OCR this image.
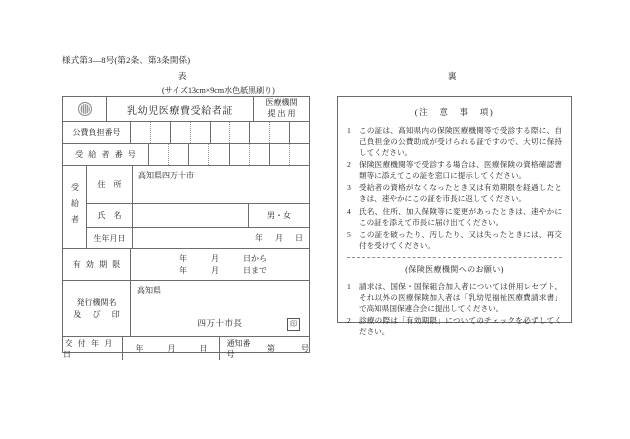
様式第3―8号(第2条、第3条関係)
表	裏
(サイズ13cm×9cm水色紙黒刷り)
乳幼児医療費受給者証
医療機関
提 出 用
公費負担番号
受 給 者 番 号
受給者	住　所
高知県四万十市
氏　名	男・女
生年月日	年 月 日
有 効 期 限
年	月	日から
年	月	日まで
発行機関名
及　び　印
高知県
四万十市長	印
交 付 年 月 日
年	月	日
通知番号
第	号
(注　意　事　項)
1 この証は、高知県内の保険医療機関等で受診する際に、自己負担金の公費助成が受けられる証ですので、大切に保持してください。
2 保険医療機関等で受診する場合は、医療保険の資格確認書類等に添えてこの証を窓口に提示してください。
3 受給者の資格がなくなったとき又は有効期限を経過したときは、速やかにこの証を市長に返してください。
4 氏名、住所、加入保険等に変更があったときは、速やかにこの証を添えて市長に届け出てください。
5 この証を破ったり、汚したり、又は失ったときには、再交付を受けてください。
(保険医療機関へのお願い)
1 請求は、国保・国保組合加入者については併用レセプト、それ以外の医療保険加入者は「乳幼児福祉医療費請求書」で高知県国保連合会に提出してください。
2 診療の際は「有効期限」についてのチェックを必ずしてください。
